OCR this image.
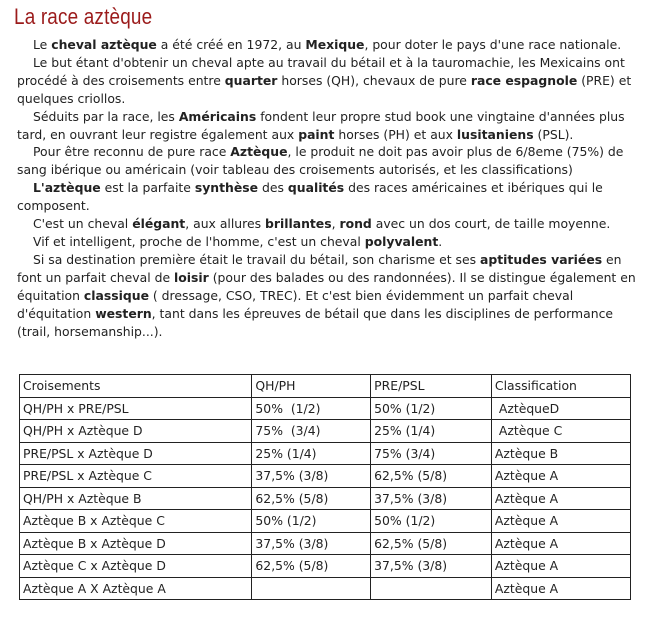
La race aztèque

Le cheval aztèque a été créé en 1972, au Mexique, pour doter le pays d'une race nationale.

Le but étant d'obtenir un cheval apte au travail du bétail et à la tauromachie, les Mexicains ont procédé à des croisements entre quarter horses (QH), chevaux de pure race espagnole (PRE) et quelques criollos.

Séduits par la race, les Américains fondent leur propre stud book une vingtaine d'années plus tard, en ouvrant leur registre également aux paint horses (PH) et aux lusitaniens (PSL).

Pour être reconnu de pure race Aztèque, le produit ne doit pas avoir plus de 6/8eme (75%) de sang ibérique ou américain (voir tableau des croisements autorisés, et les classifications)

L'aztèque est la parfaite synthèse des qualités des races américaines et ibériques qui le composent.

C'est un cheval élégant, aux allures brillantes, rond avec un dos court, de taille moyenne.

Vif et intelligent, proche de l'homme, c'est un cheval polyvalent.

Si sa destination première était le travail du bétail, son charisme et ses aptitudes variées en font un parfait cheval de loisir (pour des balades ou des randonnées). Il se distingue également en équitation classique ( dressage, CSO, TREC). Et c'est bien évidemment un parfait cheval d'équitation western, tant dans les épreuves de bétail que dans les disciplines de performance (trail, horsemanship...).

Croisements	QH/PH	PRE/PSL	Classification
QH/PH x PRE/PSL	50%  (1/2)	50% (1/2)	AztèqueD
QH/PH x Aztèque D	75%  (3/4)	25% (1/4)	Aztèque C
PRE/PSL x Aztèque D	25% (1/4)	75% (3/4)	Aztèque B
PRE/PSL x Aztèque C	37,5% (3/8)	62,5% (5/8)	Aztèque A
QH/PH x Aztèque B	62,5% (5/8)	37,5% (3/8)	Aztèque A
Aztèque B x Aztèque C	50% (1/2)	50% (1/2)	Aztèque A
Aztèque B x Aztèque D	37,5% (3/8)	62,5% (5/8)	Aztèque A
Aztèque C x Aztèque D	62,5% (5/8)	37,5% (3/8)	Aztèque A
Aztèque A X Aztèque A			Aztèque A
